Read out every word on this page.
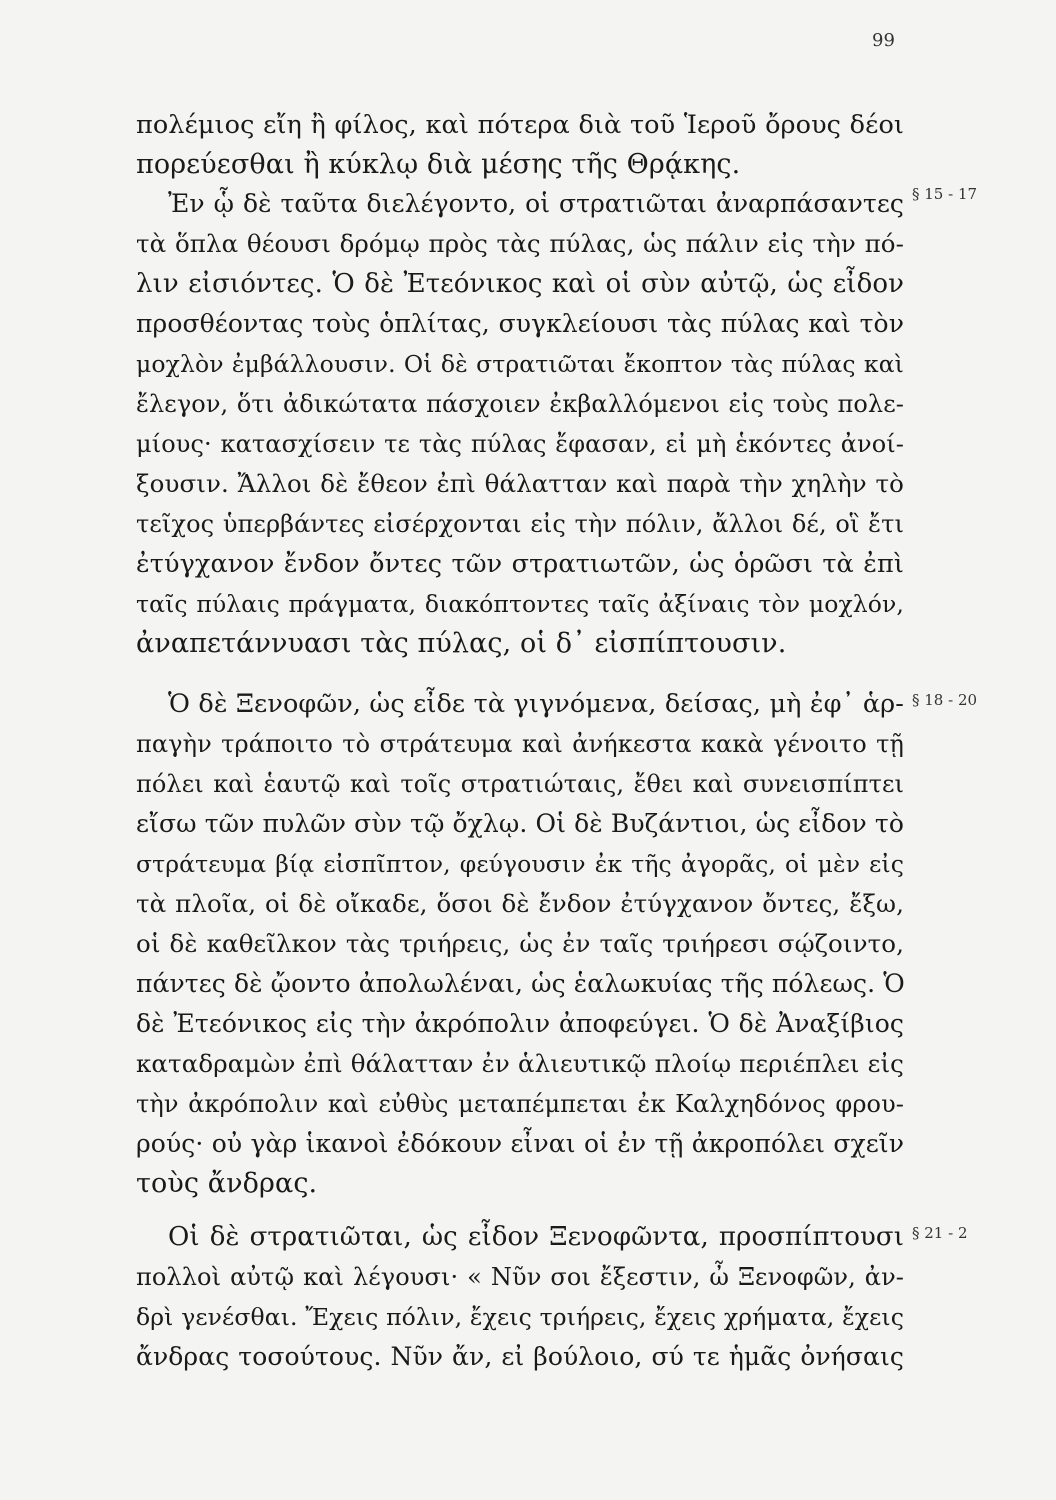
99
§ 15 - 17
§ 18 - 20
§ 21 - 2
πολέμιος εἴη ἢ φίλος, καὶ πότερα διὰ τοῦ Ἱεροῦ ὄρους δέοι
πορεύεσθαι ἢ κύκλῳ διὰ μέσης τῆς Θρᾴκης.
Ἐν ᾧ δὲ ταῦτα διελέγοντο, οἱ στρατιῶται ἀναρπάσαντες
τὰ ὅπλα θέουσι δρόμῳ πρὸς τὰς πύλας, ὡς πάλιν εἰς τὴν πό-
λιν εἰσιόντες. Ὁ δὲ Ἐτεόνικος καὶ οἱ σὺν αὐτῷ, ὡς εἶδον
προσθέοντας τοὺς ὁπλίτας, συγκλείουσι τὰς πύλας καὶ τὸν
μοχλὸν ἐμβάλλουσιν. Οἱ δὲ στρατιῶται ἔκοπτον τὰς πύλας καὶ
ἔλεγον, ὅτι ἀδικώτατα πάσχοιεν ἐκβαλλόμενοι εἰς τοὺς πολε-
μίους· κατασχίσειν τε τὰς πύλας ἔφασαν, εἰ μὴ ἑκόντες ἀνοί-
ξουσιν. Ἄλλοι δὲ ἔθεον ἐπὶ θάλατταν καὶ παρὰ τὴν χηλὴν τὸ
τεῖχος ὑπερβάντες εἰσέρχονται εἰς τὴν πόλιν, ἄλλοι δέ, οἳ ἔτι
ἐτύγχανον ἔνδον ὄντες τῶν στρατιωτῶν, ὡς ὁρῶσι τὰ ἐπὶ
ταῖς πύλαις πράγματα, διακόπτοντες ταῖς ἀξίναις τὸν μοχλόν,
ἀναπετάννυασι τὰς πύλας, οἱ δ᾽ εἰσπίπτουσιν.
Ὁ δὲ Ξενοφῶν, ὡς εἶδε τὰ γιγνόμενα, δείσας, μὴ ἐφ᾽ ἁρ-
παγὴν τράποιτο τὸ στράτευμα καὶ ἀνήκεστα κακὰ γένοιτο τῇ
πόλει καὶ ἑαυτῷ καὶ τοῖς στρατιώταις, ἔθει καὶ συνεισπίπτει
εἴσω τῶν πυλῶν σὺν τῷ ὄχλῳ. Οἱ δὲ Βυζάντιοι, ὡς εἶδον τὸ
στράτευμα βίᾳ εἰσπῖπτον, φεύγουσιν ἐκ τῆς ἀγορᾶς, οἱ μὲν εἰς
τὰ πλοῖα, οἱ δὲ οἴκαδε, ὅσοι δὲ ἔνδον ἐτύγχανον ὄντες, ἔξω,
οἱ δὲ καθεῖλκον τὰς τριήρεις, ὡς ἐν ταῖς τριήρεσι σῴζοιντο,
πάντες δὲ ᾤοντο ἀπολωλέναι, ὡς ἑαλωκυίας τῆς πόλεως. Ὁ
δὲ Ἐτεόνικος εἰς τὴν ἀκρόπολιν ἀποφεύγει. Ὁ δὲ Ἀναξίβιος
καταδραμὼν ἐπὶ θάλατταν ἐν ἁλιευτικῷ πλοίῳ περιέπλει εἰς
τὴν ἀκρόπολιν καὶ εὐθὺς μεταπέμπεται ἐκ Καλχηδόνος φρου-
ρούς· οὐ γὰρ ἱκανοὶ ἐδόκουν εἶναι οἱ ἐν τῇ ἀκροπόλει σχεῖν
τοὺς ἄνδρας.
Οἱ δὲ στρατιῶται, ὡς εἶδον Ξενοφῶντα, προσπίπτουσι
πολλοὶ αὐτῷ καὶ λέγουσι· « Νῦν σοι ἔξεστιν, ὦ Ξενοφῶν, ἀν-
δρὶ γενέσθαι. Ἔχεις πόλιν, ἔχεις τριήρεις, ἔχεις χρήματα, ἔχεις
ἄνδρας τοσούτους. Νῦν ἄν, εἰ βούλοιο, σύ τε ἡμᾶς ὀνήσαις
